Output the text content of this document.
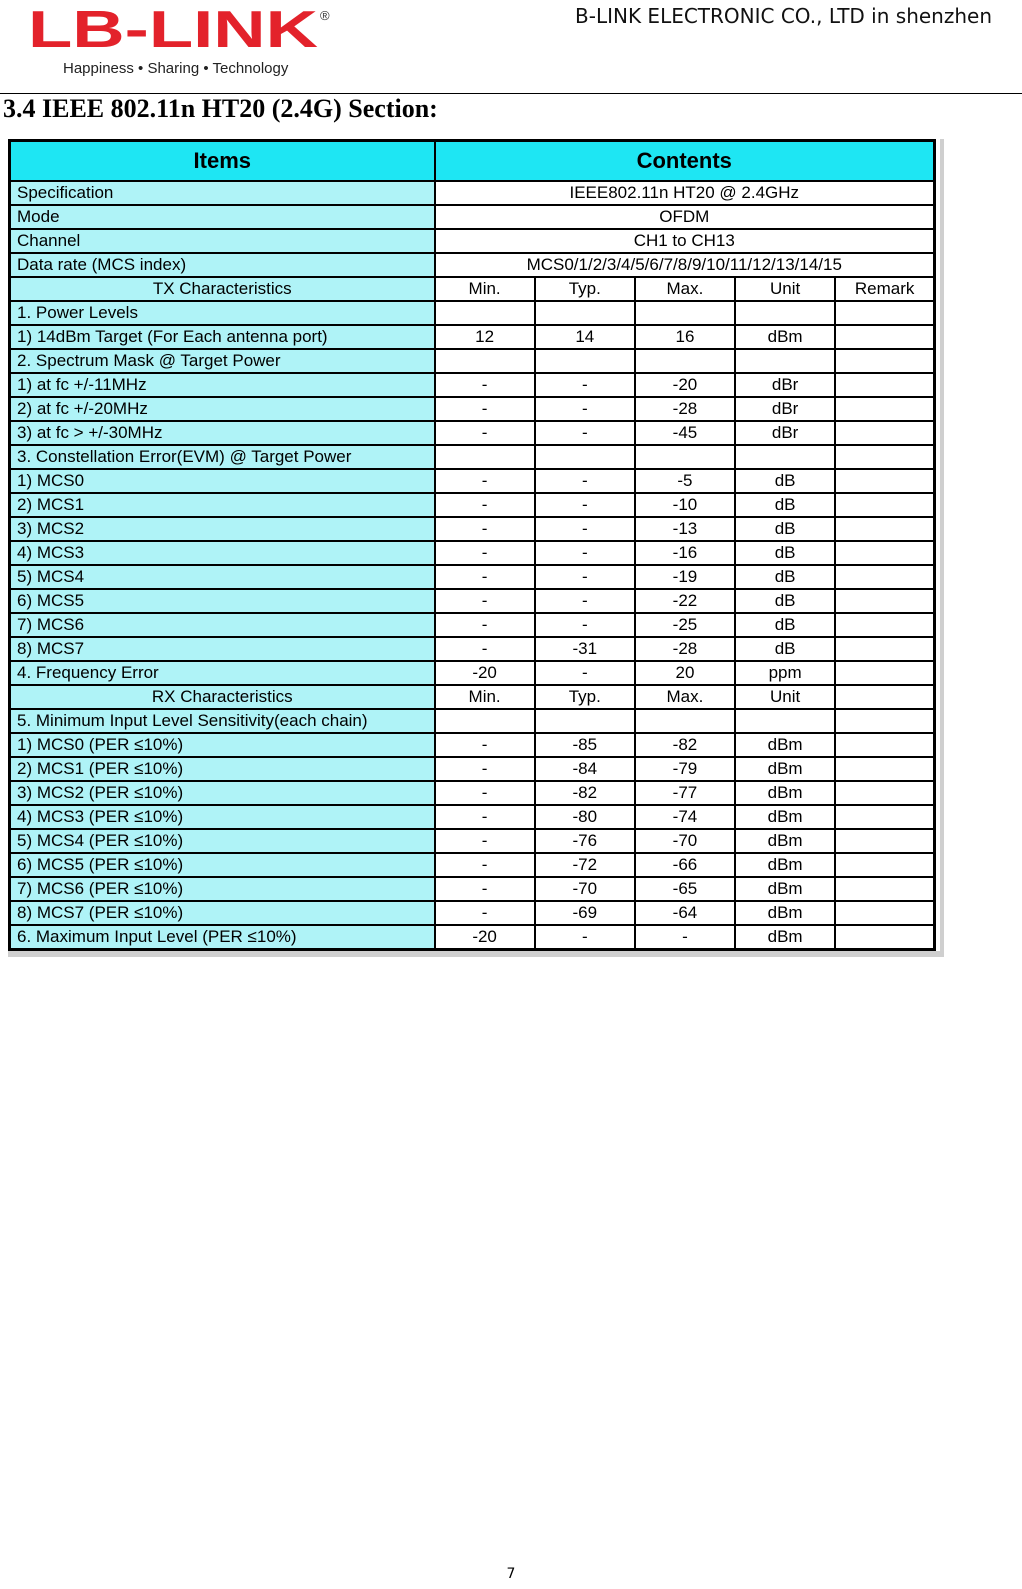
LB-LINK ®
Happiness • Sharing • Technology
B-LINK ELECTRONIC CO., LTD in shenzhen
3.4 IEEE 802.11n HT20 (2.4G) Section:
Items	Contents				
Specification	IEEE802.11n HT20 @ 2.4GHz				
Mode	OFDM				
Channel	CH1 to CH13				
Data rate (MCS index)	MCS0/1/2/3/4/5/6/7/8/9/10/11/12/13/14/15				
TX Characteristics	Min.	Typ.	Max.	Unit	Remark
1. Power Levels					
1) 14dBm Target (For Each antenna port)	12	14	16	dBm	
2. Spectrum Mask @ Target Power					
1) at fc +/-11MHz	-	-	-20	dBr	
2) at fc +/-20MHz	-	-	-28	dBr	
3) at fc > +/-30MHz	-	-	-45	dBr	
3. Constellation Error(EVM) @ Target Power					
1) MCS0	-	-	-5	dB	
2) MCS1	-	-	-10	dB	
3) MCS2	-	-	-13	dB	
4) MCS3	-	-	-16	dB	
5) MCS4	-	-	-19	dB	
6) MCS5	-	-	-22	dB	
7) MCS6	-	-	-25	dB	
8) MCS7	-	-31	-28	dB	
4. Frequency Error	-20	-	20	ppm	
RX Characteristics	Min.	Typ.	Max.	Unit	
5. Minimum Input Level Sensitivity(each chain)					
1) MCS0 (PER ≤10%)	-	-85	-82	dBm	
2) MCS1 (PER ≤10%)	-	-84	-79	dBm	
3) MCS2 (PER ≤10%)	-	-82	-77	dBm	
4) MCS3 (PER ≤10%)	-	-80	-74	dBm	
5) MCS4 (PER ≤10%)	-	-76	-70	dBm	
6) MCS5 (PER ≤10%)	-	-72	-66	dBm	
7) MCS6 (PER ≤10%)	-	-70	-65	dBm	
8) MCS7 (PER ≤10%)	-	-69	-64	dBm	
6. Maximum Input Level (PER ≤10%)	-20	-	-	dBm	
7
